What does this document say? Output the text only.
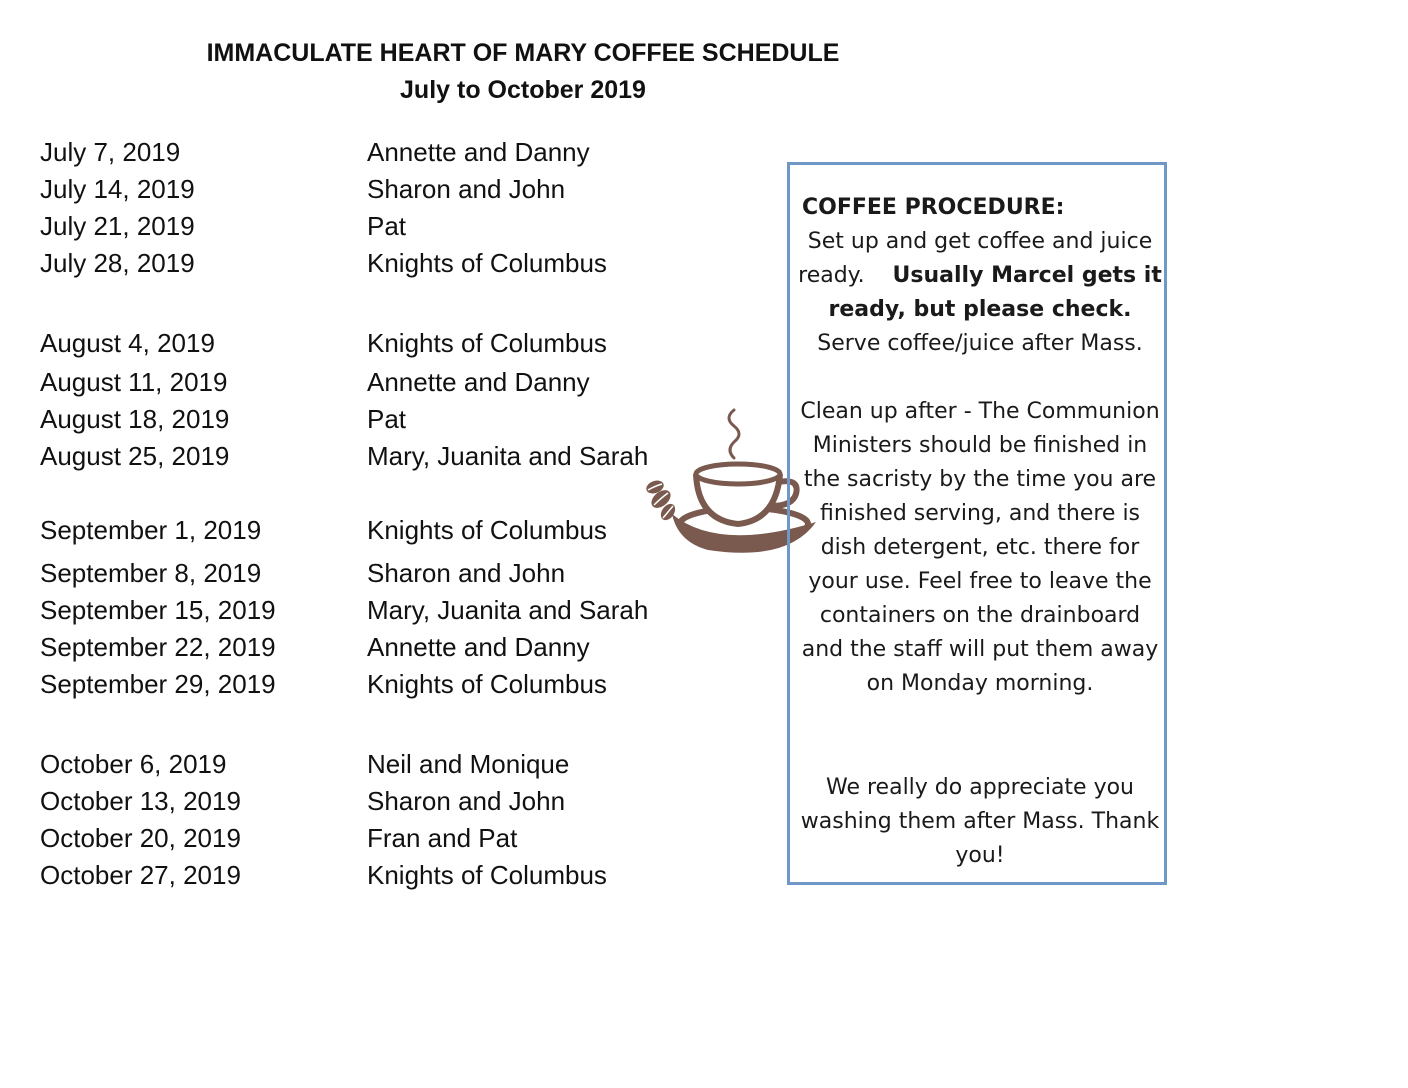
IMMACULATE HEART OF MARY COFFEE SCHEDULE
July to October 2019
July 7, 2019	Annette and Danny
July 14, 2019	Sharon and John
July 21, 2019	Pat
July 28, 2019	Knights of Columbus
August 4, 2019	Knights of Columbus
August 11, 2019	Annette and Danny
August 18, 2019	Pat
August 25, 2019	Mary, Juanita and Sarah
September 1, 2019	Knights of Columbus
September 8, 2019	Sharon and John
September 15, 2019	Mary, Juanita and Sarah
September 22, 2019	Annette and Danny
September 29, 2019	Knights of Columbus
October 6, 2019	Neil and Monique
October 13, 2019	Sharon and John
October 20, 2019	Fran and Pat
October 27, 2019	Knights of Columbus
COFFEE PROCEDURE:

Set up and get coffee and juice ready. Usually Marcel gets it ready, but please check. Serve coffee/juice after Mass.

Clean up after - The Communion Ministers should be finished in the sacristy by the time you are finished serving, and there is dish detergent, etc. there for your use. Feel free to leave the containers on the drainboard and the staff will put them away on Monday morning.

We really do appreciate you washing them after Mass. Thank you!
